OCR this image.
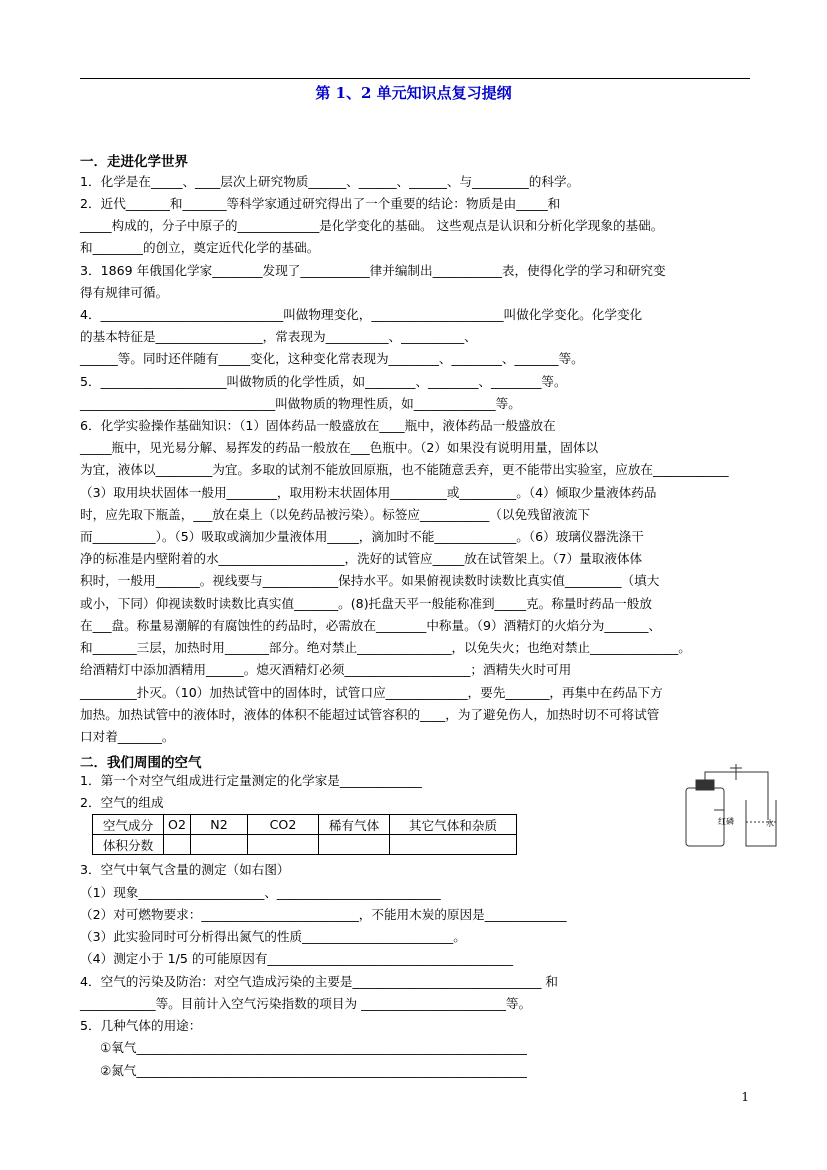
第 1、2 单元知识点复习提纲
一．走进化学世界
1．化学是在_____、____层次上研究物质______、______、______、与_________的科学。
2．近代_______和_______等科学家通过研究得出了一个重要的结论：物质是由_____和
_____构成的，分子中原子的_____________是化学变化的基础。 这些观点是认识和分析化学现象的基础。
和________的创立，奠定近代化学的基础。
3．1869 年俄国化学家________发现了___________律并编制出___________表，使得化学的学习和研究变
得有规律可循。
4．_____________________________叫做物理变化，_____________________叫做化学变化。化学变化
的基本特征是_________________，常表现为__________、__________、
______等。同时还伴随有_____变化，这种变化常表现为________、________、_______等。
5．____________________叫做物质的化学性质，如________、________、________等。
_______________________________叫做物质的物理性质，如_____________等。
6．化学实验操作基础知识：（1）固体药品一般盛放在____瓶中，液体药品一般盛放在
_____瓶中，见光易分解、易挥发的药品一般放在___色瓶中。（2）如果没有说明用量，固体以
为宜，液体以_________为宜。多取的试剂不能放回原瓶，也不能随意丢弃，更不能带出实验室，应放在____________
（3）取用块状固体一般用________，取用粉末状固体用_________或_________。（4）倾取少量液体药品
时，应先取下瓶盖，___放在桌上（以免药品被污染）。标签应___________（以免残留液流下
而__________）。（5）吸取或滴加少量液体用_____，滴加时不能_____________。（6）玻璃仪器洗涤干
净的标准是内壁附着的水____________________，洗好的试管应_____放在试管架上。（7）量取液体体
积时，一般用_______。视线要与____________保持水平。如果俯视读数时读数比真实值_________（填大
或小，下同）仰视读数时读数比真实值_______。(8)托盘天平一般能称准到_____克。称量时药品一般放
在___盘。称量易潮解的有腐蚀性的药品时，必需放在________中称量。（9）酒精灯的火焰分为_______、
和_______三层，加热时用_______部分。绝对禁止_______________，以免失火；也绝对禁止______________。
给酒精灯中添加酒精用______。熄灭酒精灯必须____________________；酒精失火时可用
_________扑灭。（10）加热试管中的固体时，试管口应_____________，要先_______，再集中在药品下方
加热。加热试管中的液体时，液体的体积不能超过试管容积的____，为了避免伤人，加热时切不可将试管
口对着_______。
二．我们周围的空气
1．第一个对空气组成进行定量测定的化学家是_____________
2．空气的组成
空气成分	O2	N2	CO2	稀有气体	其它气体和杂质
体积分数					
3．空气中氧气含量的测定（如右图）
（1）现象____________________、__________________________
（2）对可燃物要求：_________________________，不能用木炭的原因是_____________
（3）此实验同时可分析得出氮气的性质________________________。
（4）测定小于 1/5 的可能原因有_______________________________________
4．空气的污染及防治：对空气造成污染的主要是______________________________ 和
____________等。目前计入空气污染指数的项目为 _______________________等。
5．几种气体的用途：
①氧气______________________________________________________________
②氮气______________________________________________________________
红磷	水
1
